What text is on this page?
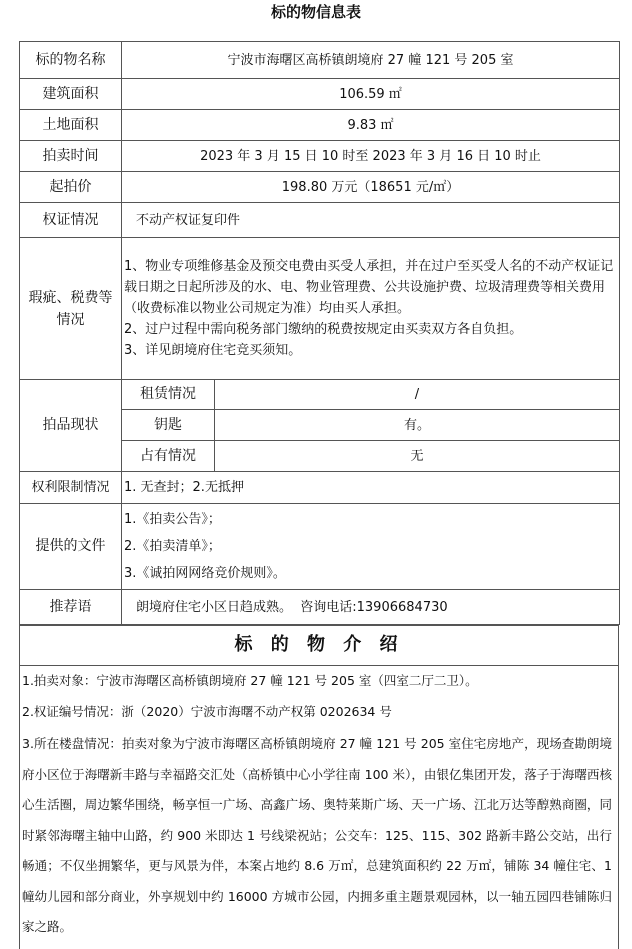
标的物信息表
标的物名称	宁波市海曙区高桥镇朗境府 27 幢 121 号 205 室	
建筑面积	106.59 ㎡	
土地面积	9.83 ㎡	
拍卖时间	2023 年 3 月 15 日 10 时至 2023 年 3 月 16 日 10 时止	
起拍价	198.80 万元（18651 元/㎡）	
权证情况	不动产权证复印件	
瑕疵、税费等情况	1、物业专项维修基金及预交电费由买受人承担，并在过户至买受人名的不动产权证记载日期之日起所涉及的水、电、物业管理费、公共设施护费、垃圾清理费等相关费用（收费标准以物业公司规定为准）均由买人承担。
2、过户过程中需向税务部门缴纳的税费按规定由买卖双方各自负担。
3、详见朗境府住宅竞买须知。	

拍品现状	租赁情况	/
	钥匙	有。
	占有情况	无
权利限制情况	1. 无查封；2.无抵押	
提供的文件	1.《拍卖公告》；
2.《拍卖清单》；
3.《诚拍网网络竞价规则》。	

推荐语	朗境府住宅小区日趋成熟。  咨询电话:13906684730	
标 的 物 介 绍

1.拍卖对象：宁波市海曙区高桥镇朗境府 27 幢 121 号 205 室（四室二厅二卫）。

2.权证编号情况：浙（2020）宁波市海曙不动产权第 0202634 号

3.所在楼盘情况：拍卖对象为宁波市海曙区高桥镇朗境府 27 幢 121 号 205 室住宅房地产，现场查勘朗境府小区位于海曙新丰路与幸福路交汇处（高桥镇中心小学往南 100 米），由银亿集团开发，落子于海曙西核心生活圈，周边繁华围绕，畅享恒一广场、高鑫广场、奥特莱斯广场、天一广场、江北万达等醇熟商圈，同时紧邻海曙主轴中山路，约 900 米即达 1 号线梁祝站；公交车：125、115、302 路新丰路公交站，出行畅通；不仅坐拥繁华，更与风景为伴，本案占地约 8.6 万㎡，总建筑面积约 22 万㎡，铺陈 34 幢住宅、1 幢幼儿园和部分商业，外享规划中约 16000 方城市公园，内拥多重主题景观园林，以一轴五园四巷铺陈归家之路。
